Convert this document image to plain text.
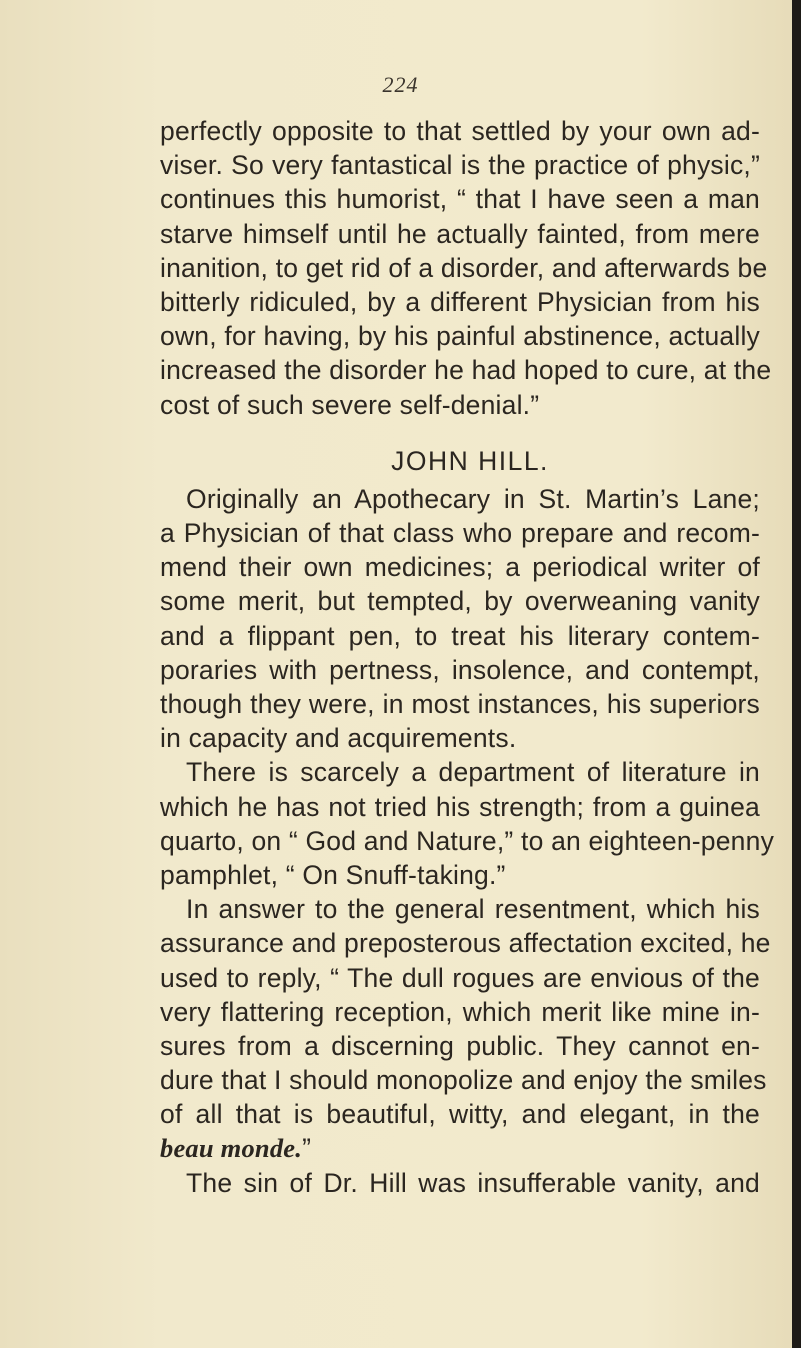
224
perfectly opposite to that settled by your own ad-
viser. So very fantastical is the practice of physic,”
continues this humorist, “ that I have seen a man
starve himself until he actually fainted, from mere
inanition, to get rid of a disorder, and afterwards be
bitterly ridiculed, by a different Physician from his
own, for having, by his painful abstinence, actually
increased the disorder he had hoped to cure, at the
cost of such severe self-denial.”
JOHN HILL.
Originally an Apothecary in St. Martin’s Lane;
a Physician of that class who prepare and recom-
mend their own medicines; a periodical writer of
some merit, but tempted, by overweaning vanity
and a flippant pen, to treat his literary contem-
poraries with pertness, insolence, and contempt,
though they were, in most instances, his superiors
in capacity and acquirements.
There is scarcely a department of literature in
which he has not tried his strength; from a guinea
quarto, on “ God and Nature,” to an eighteen-penny
pamphlet, “ On Snuff-taking.”
In answer to the general resentment, which his
assurance and preposterous affectation excited, he
used to reply, “ The dull rogues are envious of the
very flattering reception, which merit like mine in-
sures from a discerning public. They cannot en-
dure that I should monopolize and enjoy the smiles
of all that is beautiful, witty, and elegant, in the
beau monde.”
The sin of Dr. Hill was insufferable vanity, and
